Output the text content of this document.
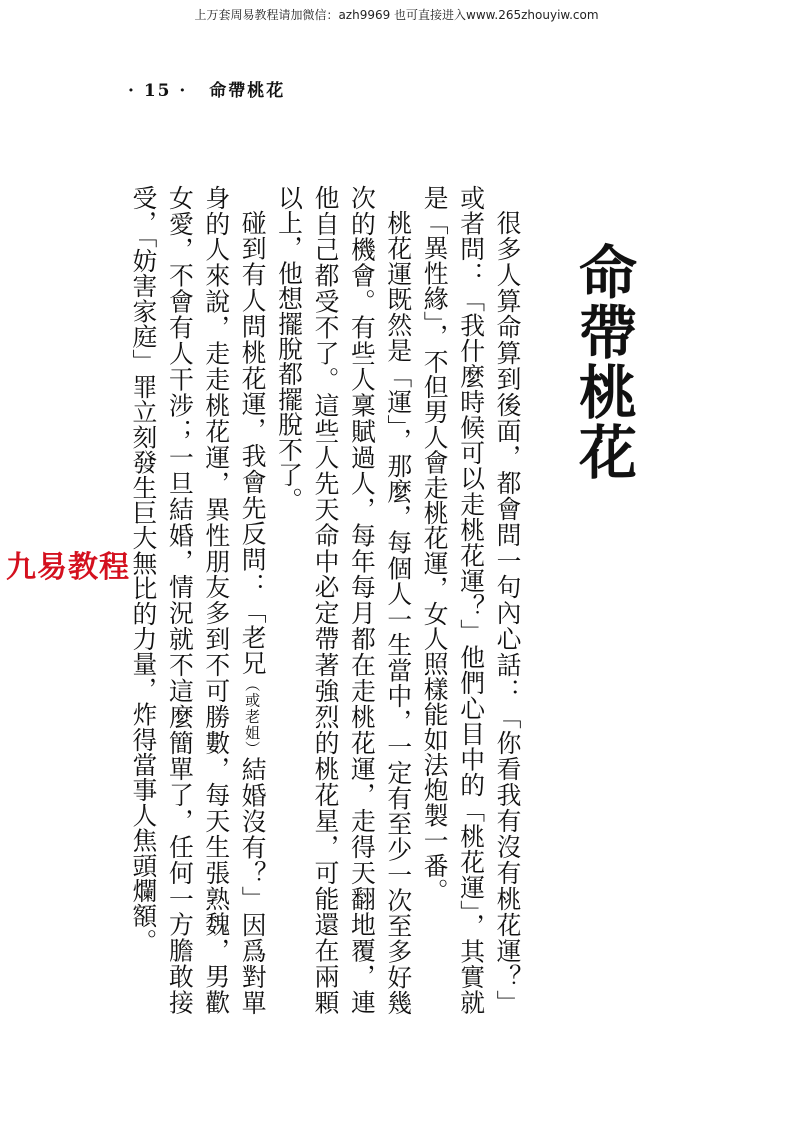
上万套周易教程请加微信：azh9969 也可直接进入www.265zhouyiw.com
· 15 · 命帶桃花
命帶桃花

很多人算命算到後面，都會問一句內心話：「你看我有沒有桃花運？」或者問：「我什麼時候可以走桃花運？」他們心目中的「桃花運」，其實就是「異性緣」，不但男人會走桃花運，女人照樣能如法炮製一番。

桃花運既然是「運」，那麼，每個人一生當中，一定有至少一次至多好幾次的機會。有些人稟賦過人，每年每月都在走桃花運，走得天翻地覆，連他自己都受不了。這些人先天命中必定帶著強烈的桃花星，可能還在兩顆以上，他想擺脫都擺脫不了。

碰到有人問桃花運，我會先反問：「老兄（或老姐）結婚沒有？」因爲對單身的人來說，走走桃花運，異性朋友多到不可勝數，每天生張熟魏，男歡女愛，不會有人干涉；一旦結婚，情況就不這麼簡單了，任何一方膽敢接受，「妨害家庭」罪立刻發生巨大無比的力量，炸得當事人焦頭爛額。

九易教程
